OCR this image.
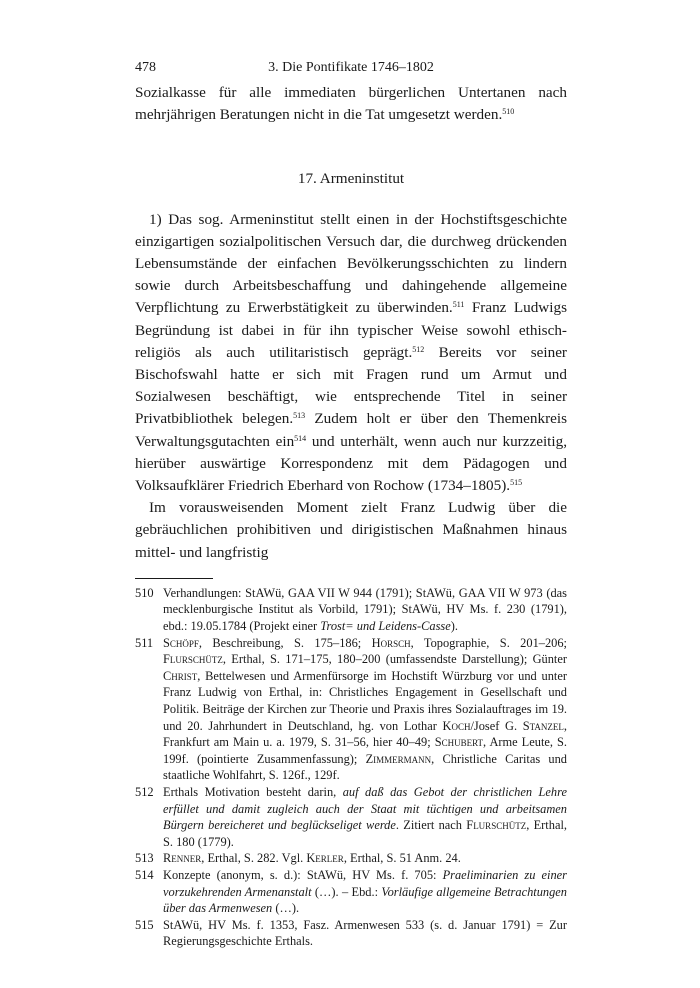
478	3. Die Pontifikate 1746–1802

Sozialkasse für alle immediaten bürgerlichen Untertanen nach mehrjährigen Beratungen nicht in die Tat umgesetzt werden.$^{510}$

17. Armeninstitut

1) Das sog. Armeninstitut stellt einen in der Hochstiftsgeschichte einzigartigen sozialpolitischen Versuch dar, die durchweg drückenden Lebensumstände der einfachen Bevölkerungsschichten zu lindern sowie durch Arbeitsbeschaffung und dahingehende allgemeine Verpflichtung zu Erwerbstätigkeit zu überwinden.$^{511}$ Franz Ludwigs Begründung ist dabei in für ihn typischer Weise sowohl ethisch-religiös als auch utilitaristisch geprägt.$^{512}$ Bereits vor seiner Bischofswahl hatte er sich mit Fragen rund um Armut und Sozialwesen beschäftigt, wie entsprechende Titel in seiner Privatbibliothek belegen.$^{513}$ Zudem holt er über den Themenkreis Verwaltungsgutachten ein$^{514}$ und unterhält, wenn auch nur kurzzeitig, hierüber auswärtige Korrespondenz mit dem Pädagogen und Volksaufklärer Friedrich Eberhard von Rochow (1734–1805).$^{515}$

Im vorausweisenden Moment zielt Franz Ludwig über die gebräuchlichen prohibitiven und dirigistischen Maßnahmen hinaus mittel- und langfristig

510 Verhandlungen: StAWü, GAA VII W 944 (1791); StAWü, GAA VII W 973 (das mecklenburgische Institut als Vorbild, 1791); StAWü, HV Ms. f. 230 (1791), ebd.: 19.05.1784 (Projekt einer Trost= und Leidens-Casse).
511 Schöpf, Beschreibung, S. 175–186; Horsch, Topographie, S. 201–206; Flurschütz, Erthal, S. 171–175, 180–200 (umfassendste Darstellung); Günter Christ, Bettelwesen und Armenfürsorge im Hochstift Würzburg vor und unter Franz Ludwig von Erthal, in: Christliches Engagement in Gesellschaft und Politik. Beiträge der Kirchen zur Theorie und Praxis ihres Sozialauftrages im 19. und 20. Jahrhundert in Deutschland, hg. von Lothar Koch/Josef G. Stanzel, Frankfurt am Main u. a. 1979, S. 31–56, hier 40–49; Schubert, Arme Leute, S. 199f. (pointierte Zusammenfassung); Zimmermann, Christliche Caritas und staatliche Wohlfahrt, S. 126f., 129f.
512 Erthals Motivation besteht darin, auf daß das Gebot der christlichen Lehre erfüllet und damit zugleich auch der Staat mit tüchtigen und arbeitsamen Bürgern bereicheret und beglückseliget werde. Zitiert nach Flurschütz, Erthal, S. 180 (1779).
513 Renner, Erthal, S. 282. Vgl. Kerler, Erthal, S. 51 Anm. 24.
514 Konzepte (anonym, s. d.): StAWü, HV Ms. f. 705: Praeliminarien zu einer vorzukehrenden Armenanstalt (…). – Ebd.: Vorläufige allgemeine Betrachtungen über das Armenwesen (…).
515 StAWü, HV Ms. f. 1353, Fasz. Armenwesen 533 (s. d. Januar 1791) = Zur Regierungsgeschichte Erthals.
